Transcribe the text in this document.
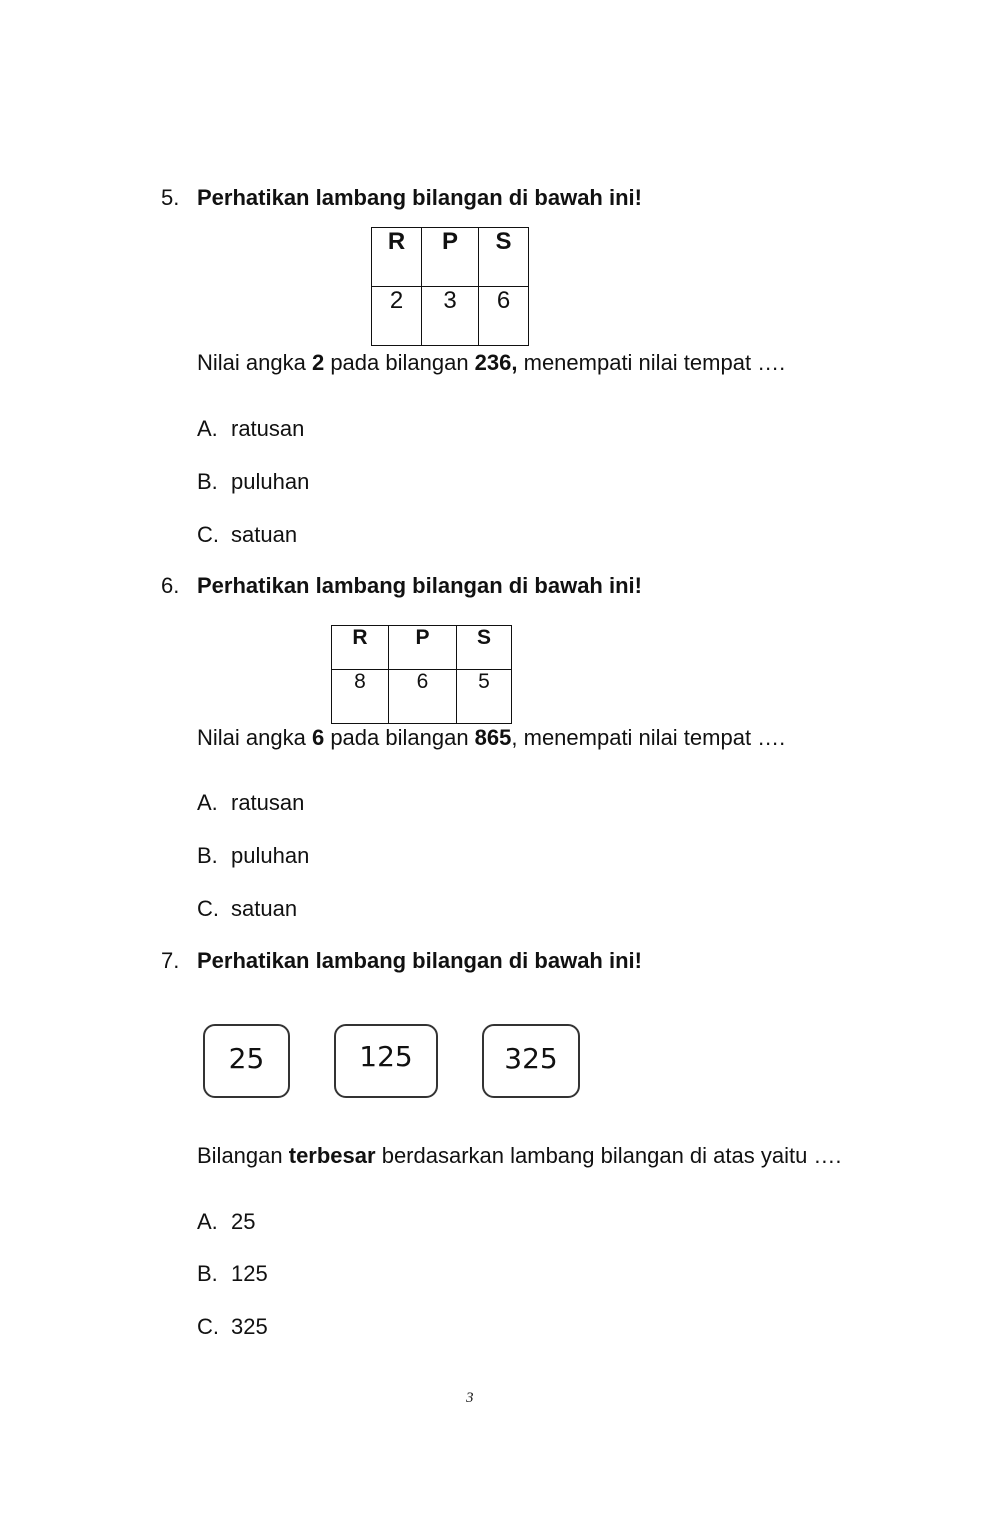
5. Perhatikan lambang bilangan di bawah ini!
R	P	S
2	3	6
Nilai angka 2 pada bilangan 236, menempati nilai tempat ….
A. ratusan
B. puluhan
C. satuan
6. Perhatikan lambang bilangan di bawah ini!
R	P	S
8	6	5
Nilai angka 6 pada bilangan 865, menempati nilai tempat ….
A. ratusan
B. puluhan
C. satuan
7. Perhatikan lambang bilangan di bawah ini!
25	125	325
Bilangan terbesar berdasarkan lambang bilangan di atas yaitu ….
A. 25
B. 125
C. 325
3
